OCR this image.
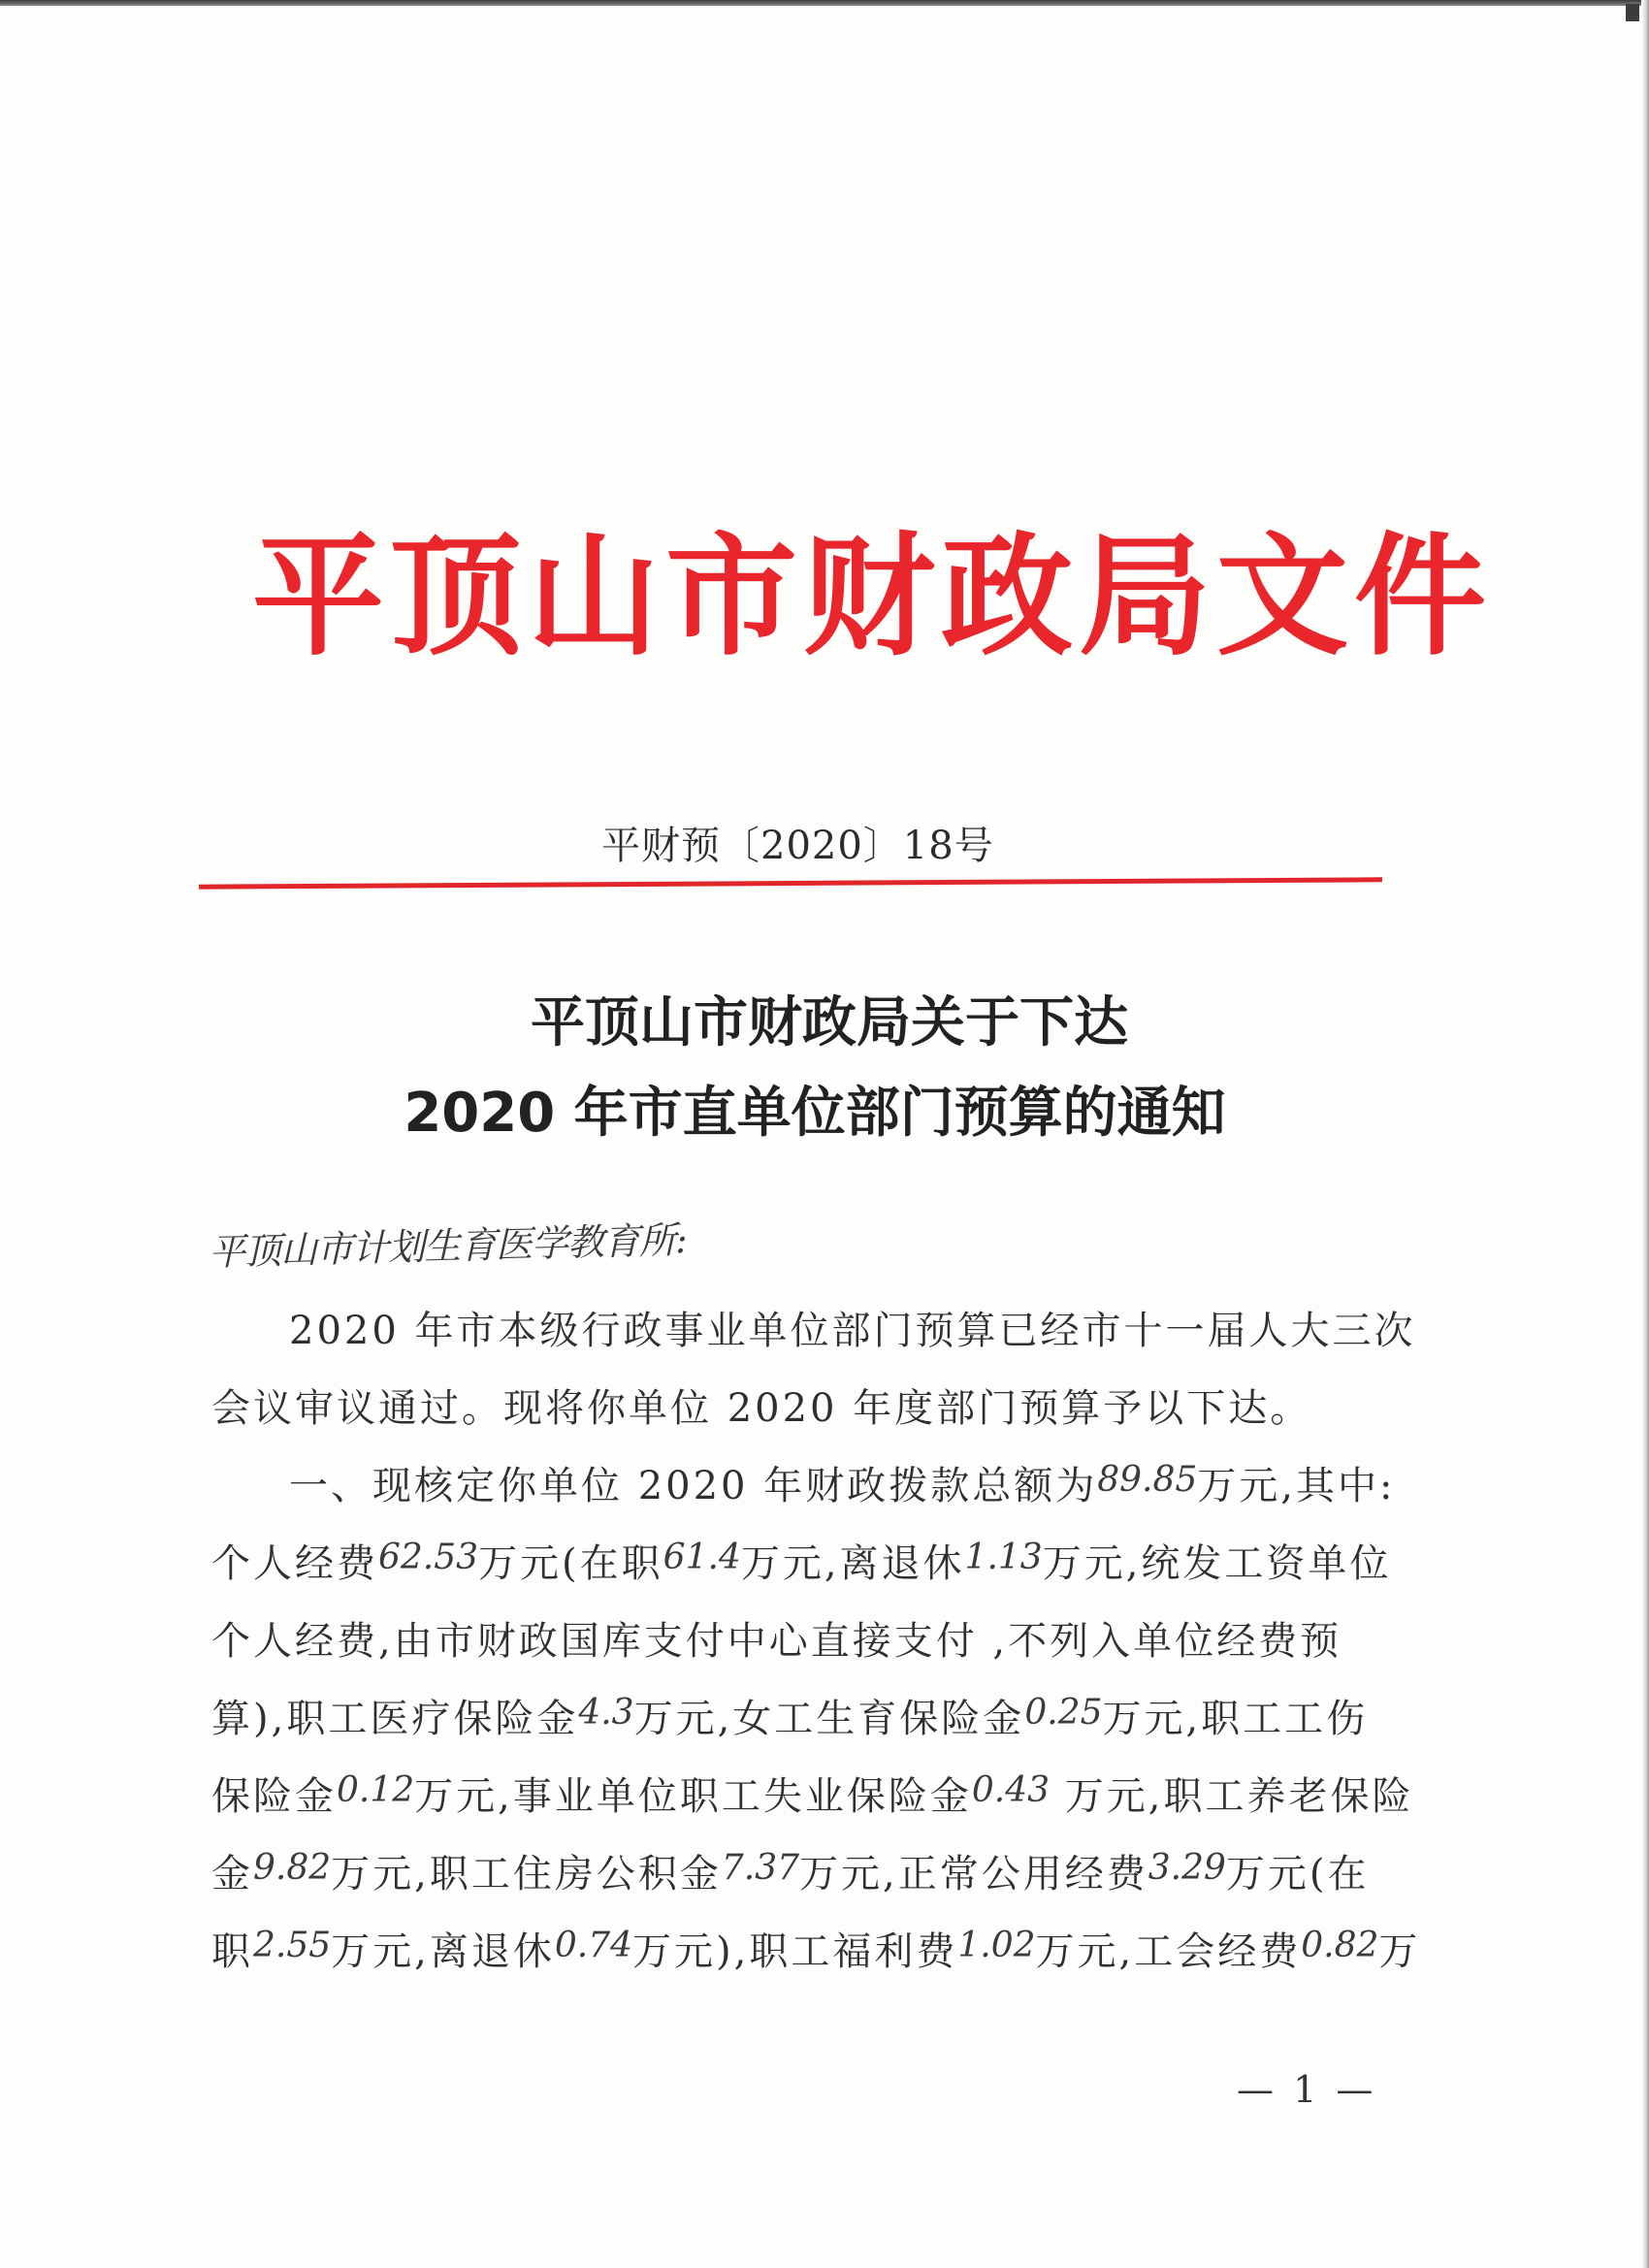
平顶山市财政局文件
平财预〔2020〕18号
平顶山市财政局关于下达
2020 年市直单位部门预算的通知
平顶山市计划生育医学教育所:
2020 年市本级行政事业单位部门预算已经市十一届人大三次
会议审议通过。现将你单位 2020 年度部门预算予以下达。
一、现核定你单位 2020 年财政拨款总额为89.85万元,其中:
个人经费62.53万元(在职61.4万元,离退休1.13万元,统发工资单位
个人经费,由市财政国库支付中心直接支付 ,不列入单位经费预
算),职工医疗保险金4.3万元,女工生育保险金0.25万元,职工工伤
保险金0.12万元,事业单位职工失业保险金0.43 万元,职工养老保险
金9.82万元,职工住房公积金7.37万元,正常公用经费3.29万元(在
职2.55万元,离退休0.74万元),职工福利费1.02万元,工会经费0.82万
— 1 —
